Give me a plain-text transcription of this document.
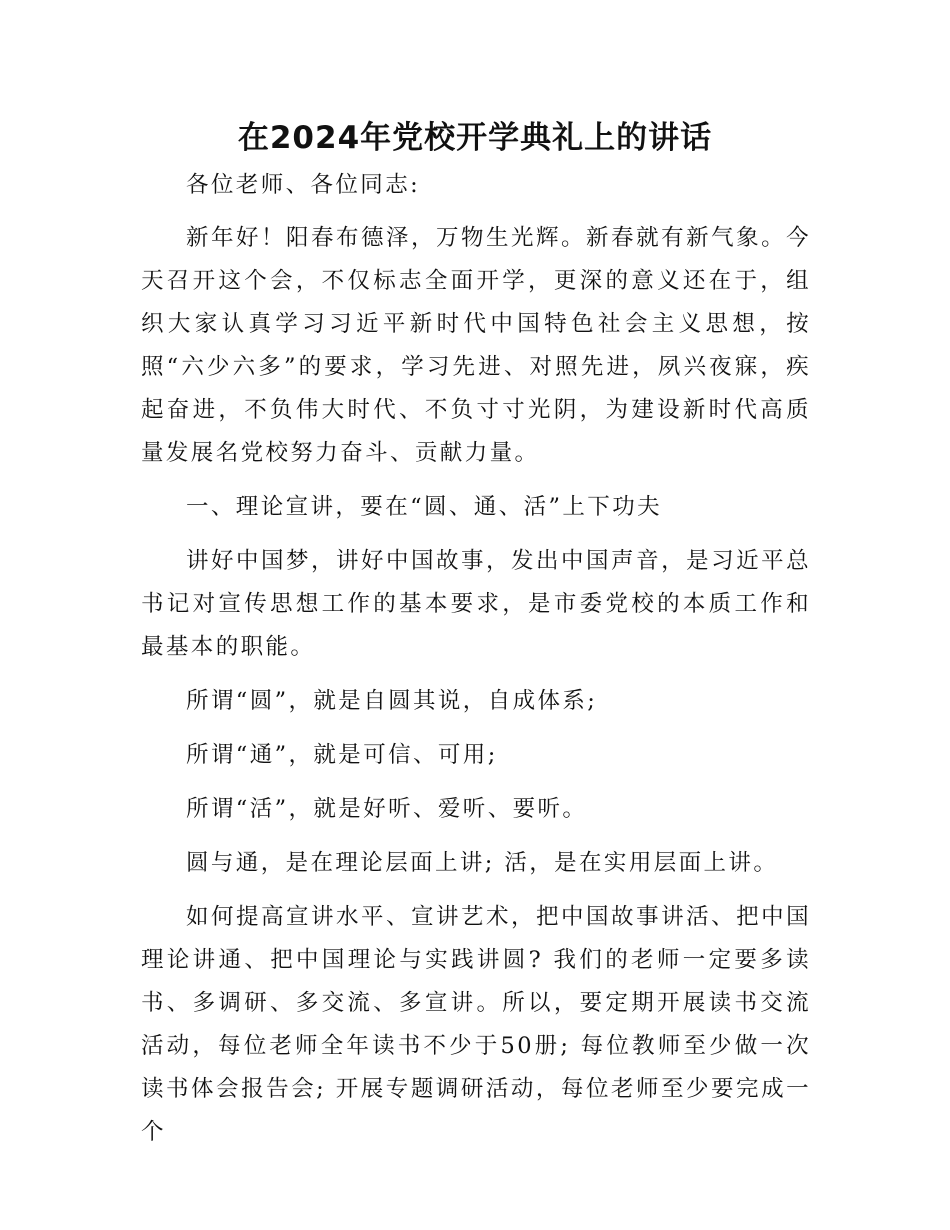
在2024年党校开学典礼上的讲话

各位老师、各位同志:

新年好！阳春布德泽，万物生光辉。新春就有新气象。今天召开这个会，不仅标志全面开学，更深的意义还在于，组织大家认真学习习近平新时代中国特色社会主义思想，按照“六少六多”的要求，学习先进、对照先进，夙兴夜寐，疾起奋进，不负伟大时代、不负寸寸光阴，为建设新时代高质量发展名党校努力奋斗、贡献力量。

一、理论宣讲，要在“圆、通、活”上下功夫

讲好中国梦，讲好中国故事，发出中国声音，是习近平总书记对宣传思想工作的基本要求，是市委党校的本质工作和最基本的职能。

所谓“圆”，就是自圆其说，自成体系;

所谓“通”，就是可信、可用;

所谓“活”，就是好听、爱听、要听。

圆与通，是在理论层面上讲; 活，是在实用层面上讲。

如何提高宣讲水平、宣讲艺术，把中国故事讲活、把中国理论讲通、把中国理论与实践讲圆? 我们的老师一定要多读书、多调研、多交流、多宣讲。所以，要定期开展读书交流活动，每位老师全年读书不少于50册; 每位教师至少做一次读书体会报告会; 开展专题调研活动，每位老师至少要完成一个
